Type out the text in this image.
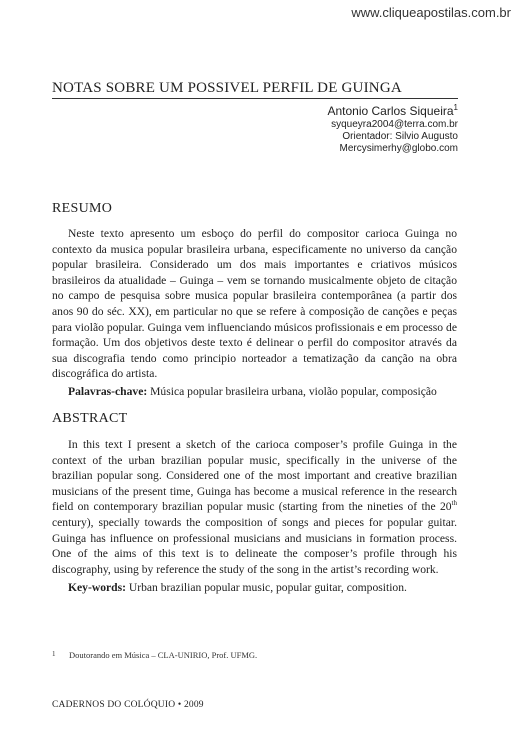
www.cliqueapostilas.com.br
NOTAS SOBRE UM POSSIVEL PERFIL DE GUINGA
Antonio Carlos Siqueira$^1$
syqueyra2004@terra.com.br
Orientador: Silvio Augusto
Mercysimerhy@globo.com
RESUMO

Neste texto apresento um esboço do perfil do compositor carioca Guinga no contexto da musica popular brasileira urbana, especificamente no universo da canção popular brasileira. Considerado um dos mais importantes e criativos músicos brasileiros da atualidade – Guinga – vem se tornando musicalmente objeto de citação no campo de pesquisa sobre musica popular brasileira contemporânea (a partir dos anos 90 do séc. XX), em particular no que se refere à composição de canções e peças para violão popular. Guinga vem influenciando músicos profissionais e em processo de formação. Um dos objetivos deste texto é delinear o perfil do compositor através da sua discografia tendo como principio norteador a tematização da canção na obra discográfica do artista.

Palavras-chave: Música popular brasileira urbana, violão popular, composição
ABSTRACT

In this text I present a sketch of the carioca composer’s profile Guinga in the context of the urban brazilian popular music, specifically in the universe of the brazilian popular song. Considered one of the most important and creative brazilian musicians of the present time, Guinga has become a musical reference in the research field on contemporary brazilian popular music (starting from the nineties of the 20th century), specially towards the composition of songs and pieces for popular guitar. Guinga has influence on professional musicians and musicians in formation process. One of the aims of this text is to delineate the composer’s profile through his discography, using by reference the study of the song in the artist’s recording work.

Key-words: Urban brazilian popular music, popular guitar, composition.
1 Doutorando em Música – CLA-UNIRIO, Prof. UFMG.
CADERNOS DO COLÓQUIO • 2009
